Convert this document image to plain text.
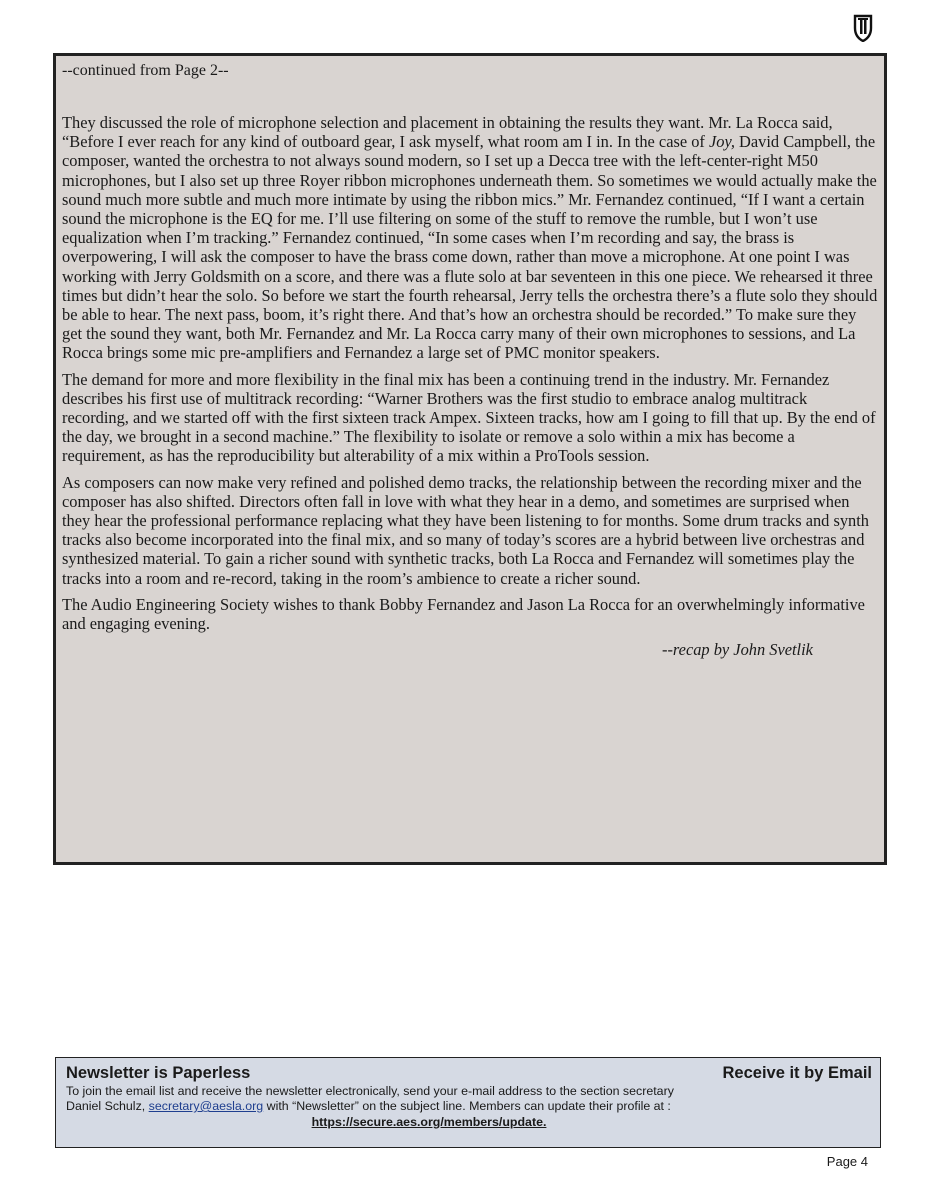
--continued from Page 2--

They discussed the role of microphone selection and placement in obtaining the results they want. Mr. La Rocca said, “Before I ever reach for any kind of outboard gear, I ask myself, what room am I in. In the case of Joy, David Campbell, the composer, wanted the orchestra to not always sound modern, so I set up a Decca tree with the left-center-right M50 microphones, but I also set up three Royer ribbon microphones underneath them. So sometimes we would actually make the sound much more subtle and much more intimate by using the ribbon mics.” Mr. Fernandez continued, “If I want a certain sound the microphone is the EQ for me. I’ll use filtering on some of the stuff to remove the rumble, but I won’t use equalization when I’m tracking.” Fernandez continued, “In some cases when I’m recording and say, the brass is overpowering, I will ask the composer to have the brass come down, rather than move a microphone. At one point I was working with Jerry Goldsmith on a score, and there was a flute solo at bar seventeen in this one piece. We rehearsed it three times but didn’t hear the solo. So before we start the fourth rehearsal, Jerry tells the orchestra there’s a flute solo they should be able to hear. The next pass, boom, it’s right there. And that’s how an orchestra should be recorded.” To make sure they get the sound they want, both Mr. Fernandez and Mr. La Rocca carry many of their own microphones to sessions, and La Rocca brings some mic pre-amplifiers and Fernandez a large set of PMC monitor speakers.

The demand for more and more flexibility in the final mix has been a continuing trend in the industry. Mr. Fernandez describes his first use of multitrack recording: “Warner Brothers was the first studio to embrace analog multitrack recording, and we started off with the first sixteen track Ampex. Sixteen tracks, how am I going to fill that up. By the end of the day, we brought in a second machine.” The flexibility to isolate or remove a solo within a mix has become a requirement, as has the reproducibility but alterability of a mix within a ProTools session.

As composers can now make very refined and polished demo tracks, the relationship between the recording mixer and the composer has also shifted. Directors often fall in love with what they hear in a demo, and sometimes are surprised when they hear the professional performance replacing what they have been listening to for months. Some drum tracks and synth tracks also become incorporated into the final mix, and so many of today’s scores are a hybrid between live orchestras and synthesized material. To gain a richer sound with synthetic tracks, both La Rocca and Fernandez will sometimes play the tracks into a room and re-record, taking in the room’s ambience to create a richer sound.

The Audio Engineering Society wishes to thank Bobby Fernandez and Jason La Rocca for an overwhelmingly informative and engaging evening.

--recap by John Svetlik
Newsletter is Paperless	Receive it by Email
To join the email list and receive the newsletter electronically, send your e-mail address to the section secretary
Daniel Schulz, secretary@aesla.org with “Newsletter” on the subject line. Members can update their profile at :
https://secure.aes.org/members/update.
Page 4
